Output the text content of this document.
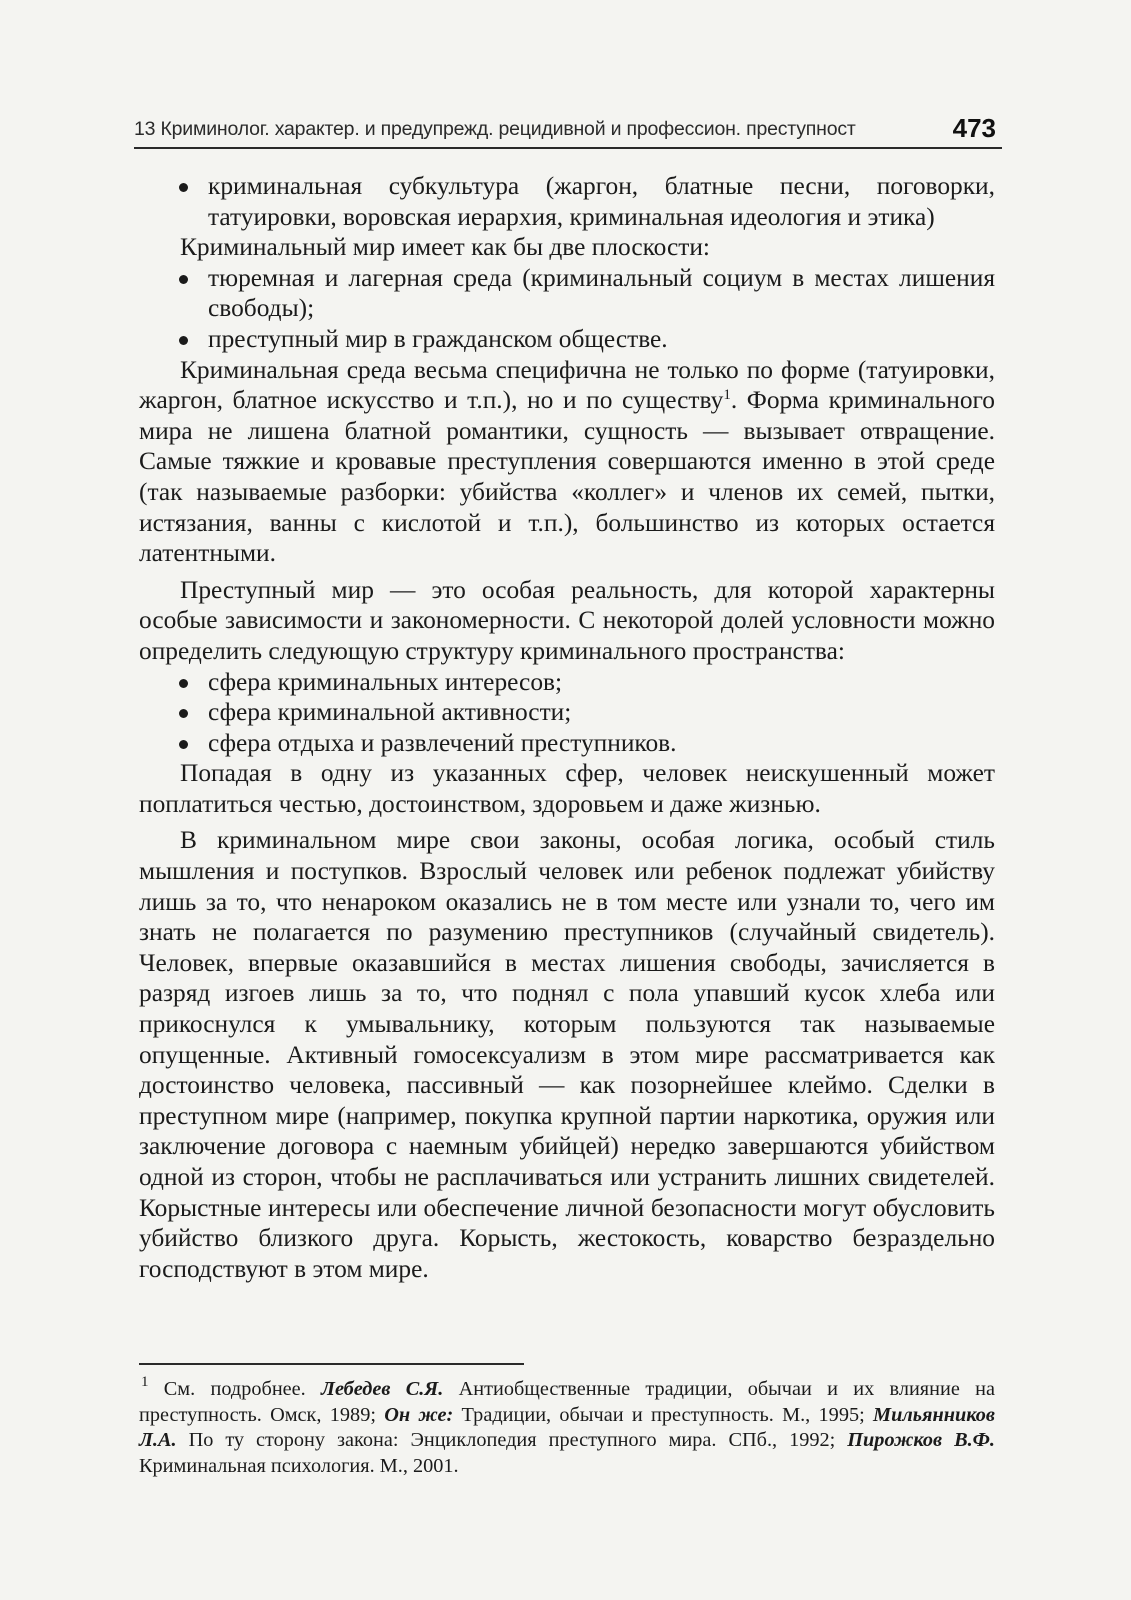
13 Криминолог. характер. и предупрежд. рецидивной и профессион. преступност	473
криминальная субкультура (жаргон, блатные песни, поговорки, татуировки, воровская иерархия, криминальная идеология и этика)

Криминальный мир имеет как бы две плоскости:

тюремная и лагерная среда (криминальный социум в местах лишения свободы);
преступный мир в гражданском обществе.

Криминальная среда весьма специфична не только по форме (татуировки, жаргон, блатное искусство и т.п.), но и по существу$^1$. Форма криминального мира не лишена блатной романтики, сущность — вызывает отвращение. Самые тяжкие и кровавые преступления совершаются именно в этой среде (так называемые разборки: убийства «коллег» и членов их семей, пытки, истязания, ванны с кислотой и т.п.), большинство из которых остается латентными.

Преступный мир — это особая реальность, для которой характерны особые зависимости и закономерности. С некоторой долей условности можно определить следующую структуру криминального пространства:

сфера криминальных интересов;
сфера криминальной активности;
сфера отдыха и развлечений преступников.

Попадая в одну из указанных сфер, человек неискушенный может поплатиться честью, достоинством, здоровьем и даже жизнью.

В криминальном мире свои законы, особая логика, особый стиль мышления и поступков. Взрослый человек или ребенок подлежат убийству лишь за то, что ненароком оказались не в том месте или узнали то, чего им знать не полагается по разумению преступников (случайный свидетель). Человек, впервые оказавшийся в местах лишения свободы, зачисляется в разряд изгоев лишь за то, что поднял с пола упавший кусок хлеба или прикоснулся к умывальнику, которым пользуются так называемые опущенные. Активный гомосексуализм в этом мире рассматривается как достоинство человека, пассивный — как позорнейшее клеймо. Сделки в преступном мире (например, покупка крупной партии наркотика, оружия или заключение договора с наемным убийцей) нередко завершаются убийством одной из сторон, чтобы не расплачиваться или устранить лишних свидетелей. Корыстные интересы или обеспечение личной безопасности могут обусловить убийство близкого друга. Корысть, жестокость, коварство безраздельно господствуют в этом мире.

$^1$ См. подробнее. Лебедев С.Я. Антиобщественные традиции, обычаи и их влияние на преступность. Омск, 1989; Он же: Традиции, обычаи и преступность. М., 1995; Мильянников Л.А. По ту сторону закона: Энциклопедия преступного мира. СПб., 1992; Пирожков В.Ф. Криминальная психология. М., 2001.
